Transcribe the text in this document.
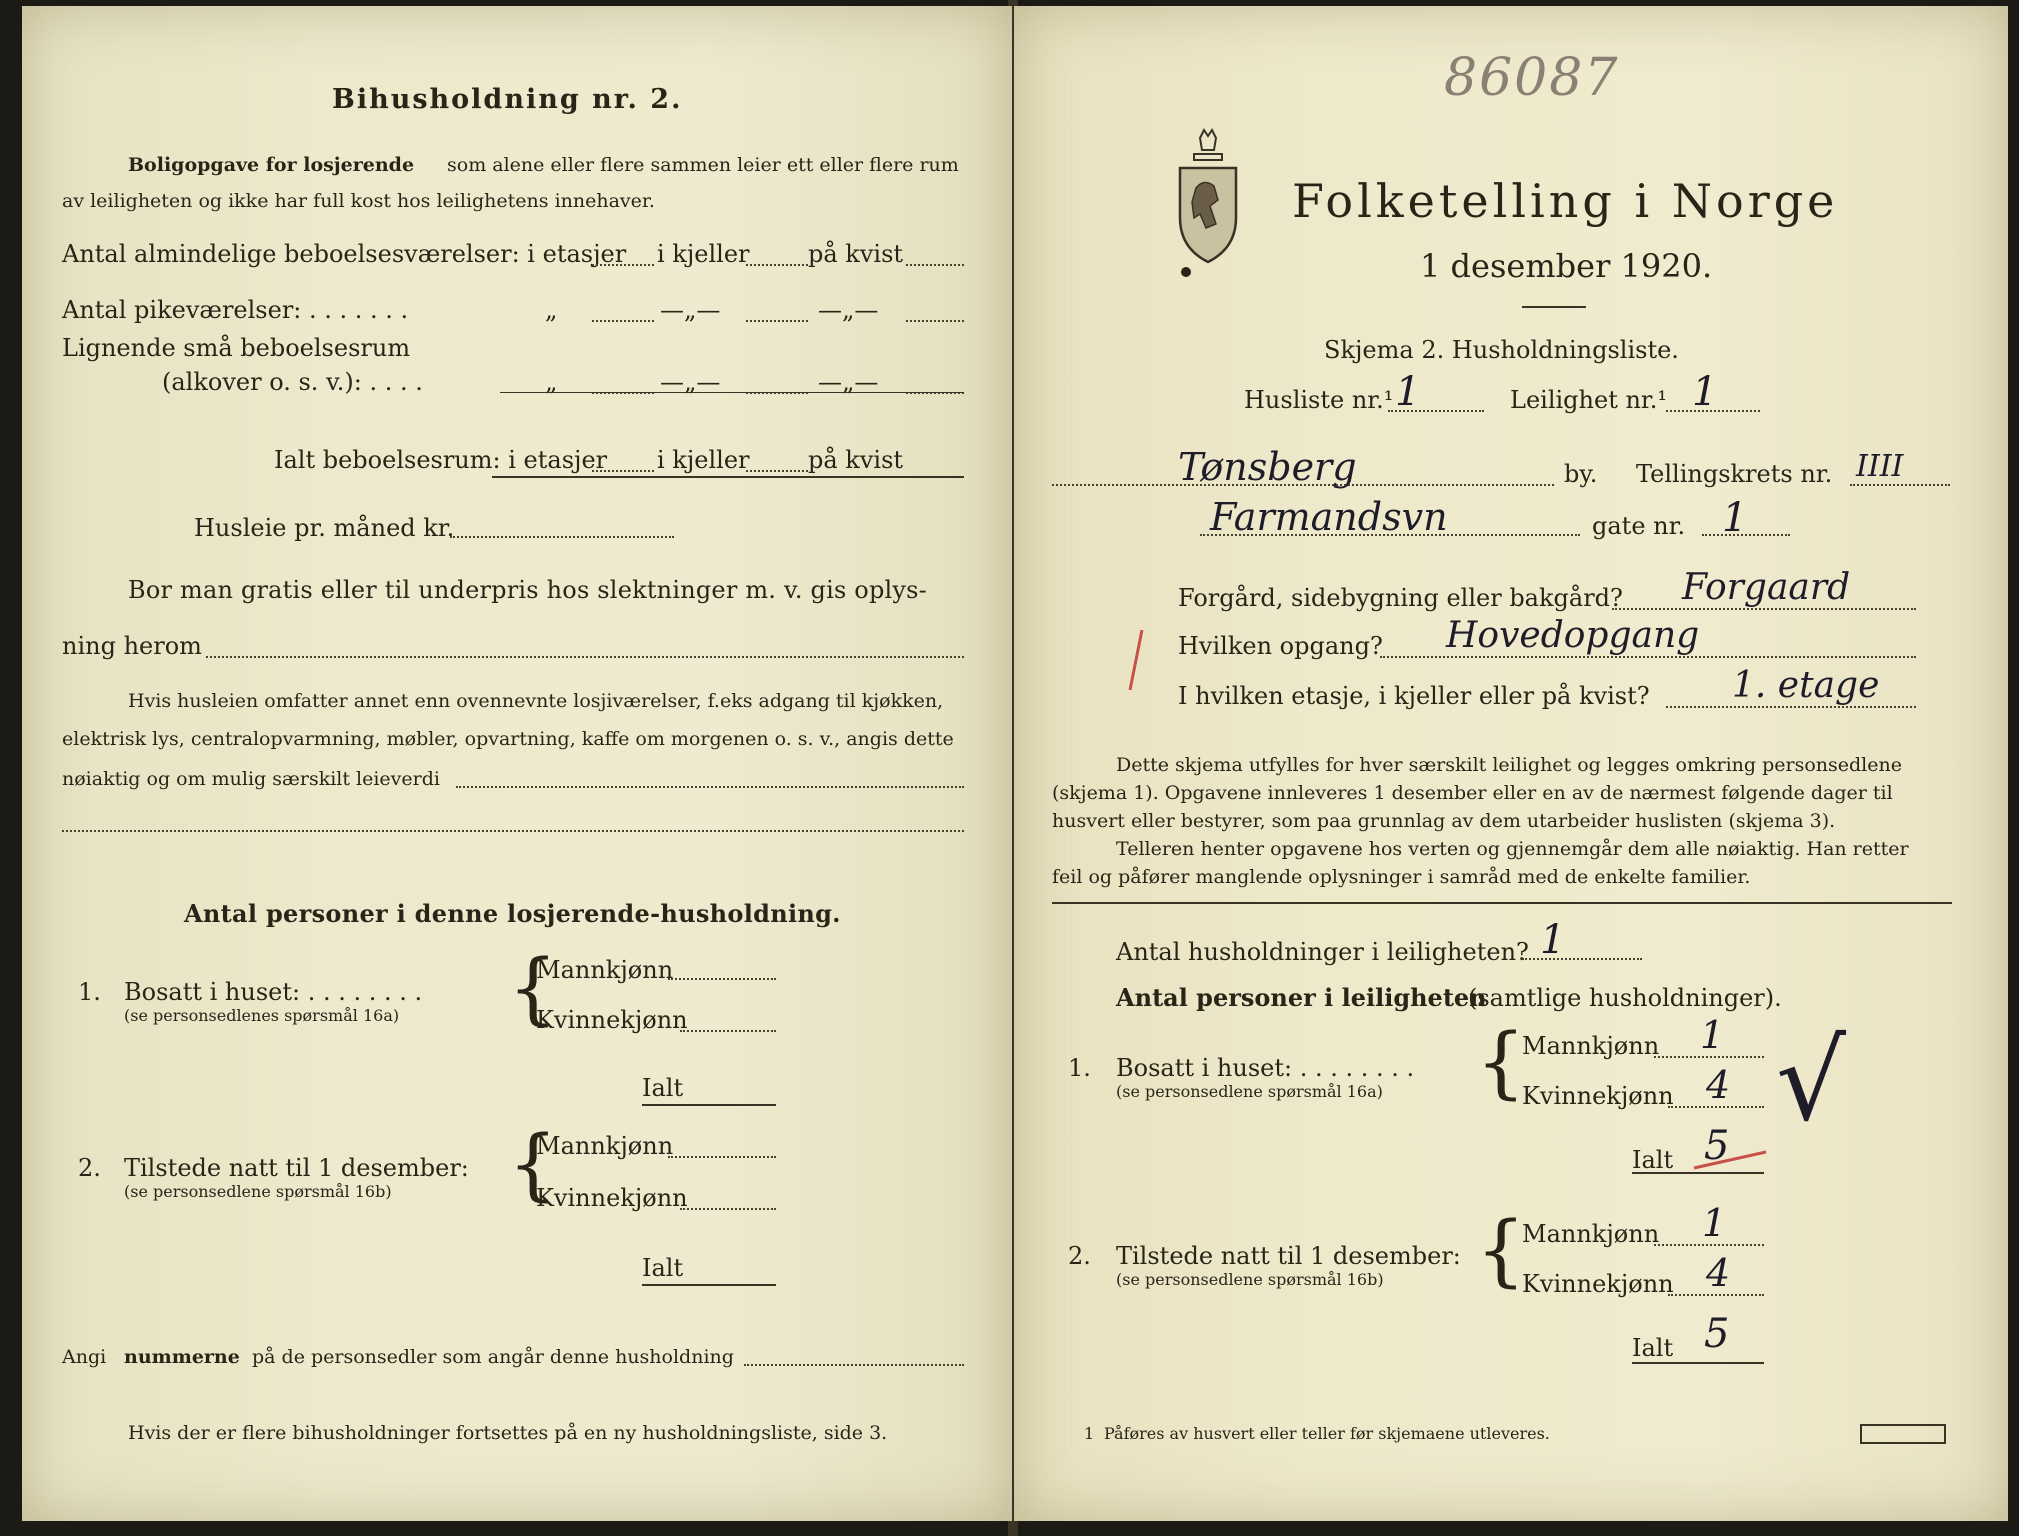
Bihusholdning nr. 2.
Boligopgave for losjerende som alene eller flere sammen leier ett eller flere rum
av leiligheten og ikke har full kost hos leilighetens innehaver.
Antal almindelige beboelsesværelser: i etasjer i kjeller på kvist
Antal pikeværelser: . . . . . . .	„	—„—	—„—
Lignende små beboelsesrum
(alkover o. s. v.): . . . .	„	—„—	—„—
Ialt beboelsesrum: i etasjer i kjeller på kvist
Husleie pr. måned kr.
Bor man gratis eller til underpris hos slektninger m. v. gis oplys-
ning herom
Hvis husleien omfatter annet enn ovennevnte losjiværelser, f.eks adgang til kjøkken,
elektrisk lys, centralopvarmning, møbler, opvartning, kaffe om morgenen o. s. v., angis dette
nøiaktig og om mulig særskilt leieverdi
Antal personer i denne losjerende-husholdning.
1. Bosatt i huset: . . . . . . . .
(se personsedlenes spørsmål 16a) {
Mannkjønn
Kvinnekjønn
Ialt
2. Tilstede natt til 1 desember:
(se personsedlene spørsmål 16b) {
Mannkjønn
Kvinnekjønn
Ialt
Angi nummerne på de personsedler som angår denne husholdning
Hvis der er flere bihusholdninger fortsettes på en ny husholdningsliste, side 3.
86087
Folketelling i Norge
1 desember 1920.
Skjema 2. Husholdningsliste.
Husliste nr.¹ 1	Leilighet nr.¹ 1
Tønsberg	by. Tellingskrets nr. IIII
Farmandsvn	gate nr. 1
Forgård, sidebygning eller bakgård? Forgaard
Hvilken opgang? Hovedopgang
I hvilken etasje, i kjeller eller på kvist? 1. etage
Dette skjema utfylles for hver særskilt leilighet og legges omkring personsedlene
(skjema 1). Opgavene innleveres 1 desember eller en av de nærmest følgende dager til
husvert eller bestyrer, som paa grunnlag av dem utarbeider huslisten (skjema 3).
Telleren henter opgavene hos verten og gjennemgår dem alle nøiaktig. Han retter
feil og påfører manglende oplysninger i samråd med de enkelte familier.
Antal husholdninger i leiligheten? 1
Antal personer i leiligheten
(samtlige husholdninger).
1. Bosatt i huset: . . . . . . . .
(se personsedlene spørsmål 16a) {
Mannkjønn 1
Kvinnekjønn 4
Ialt 5
√
2. Tilstede natt til 1 desember:
(se personsedlene spørsmål 16b) {
Mannkjønn 1
Kvinnekjønn 4
Ialt 5
1 Påføres av husvert eller teller før skjemaene utleveres.
